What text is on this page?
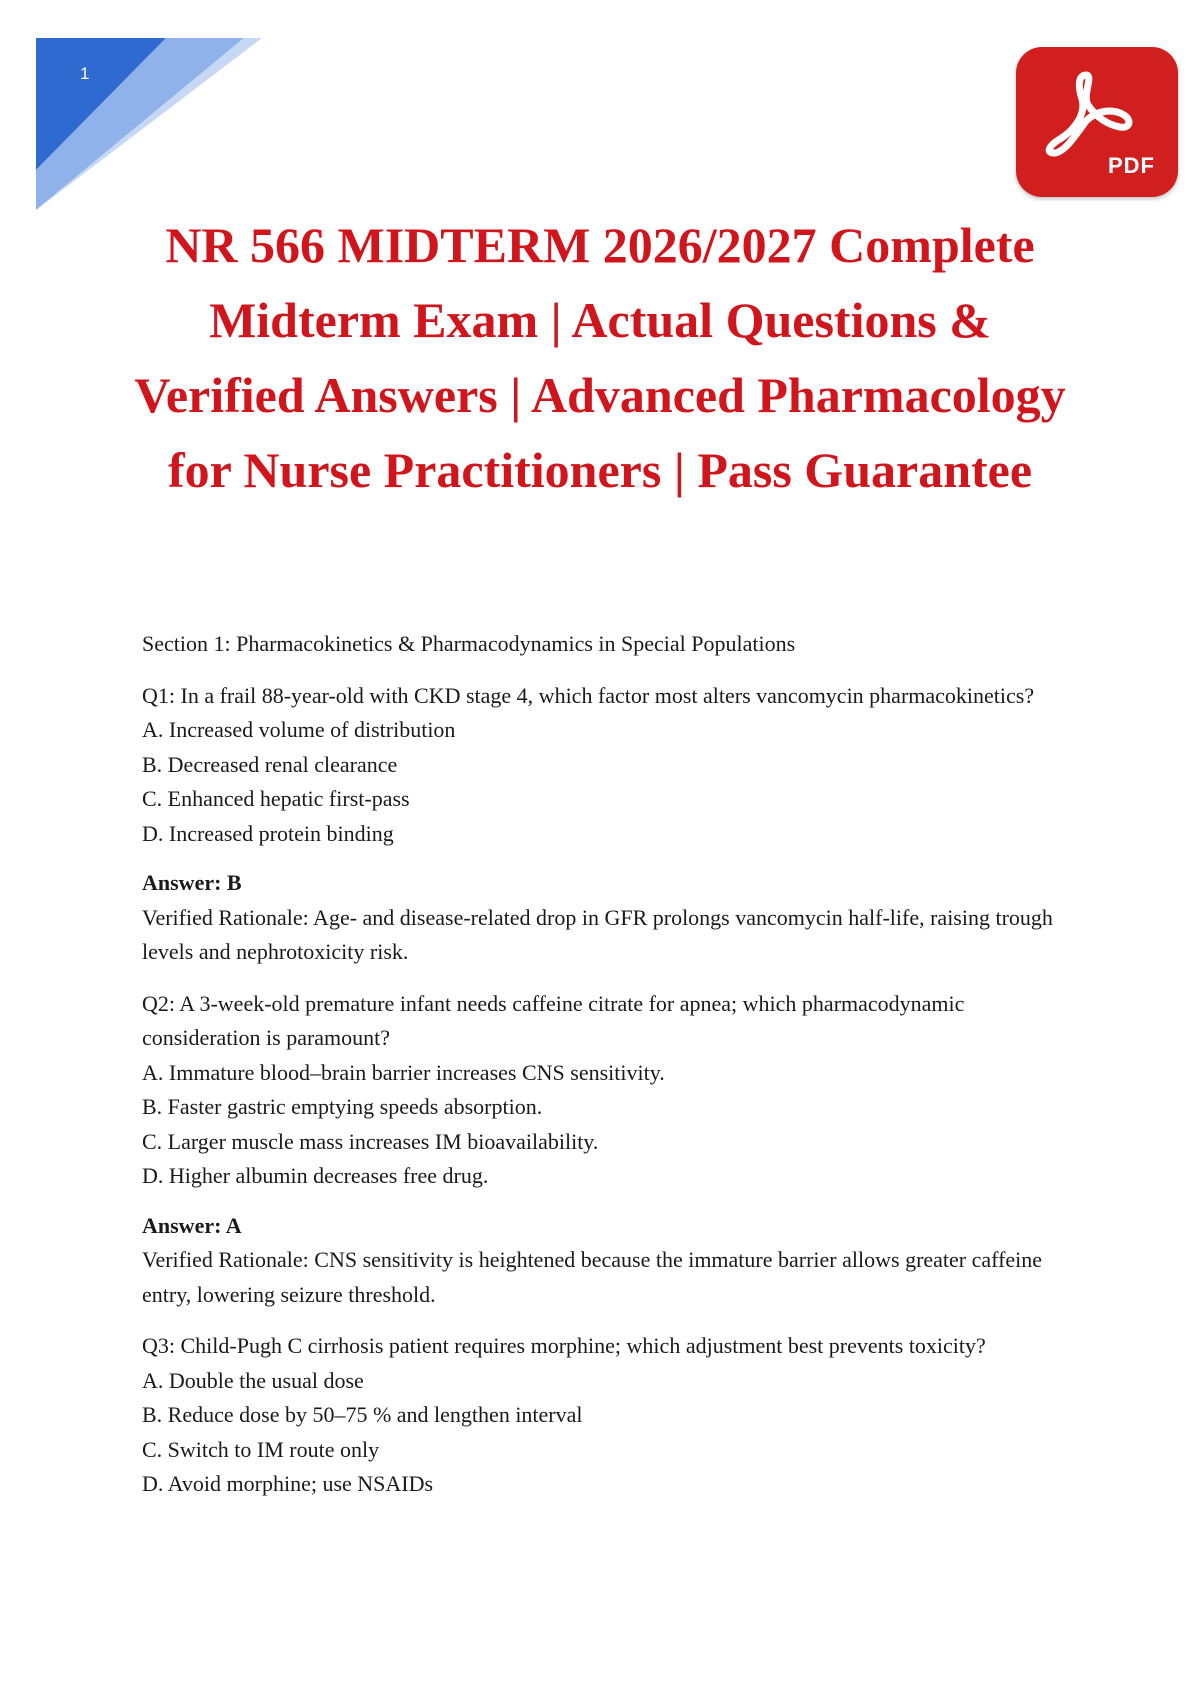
1
PDF
NR 566 MIDTERM 2026/2027 Complete Midterm Exam | Actual Questions & Verified Answers | Advanced Pharmacology for Nurse Practitioners | Pass Guarantee

Section 1: Pharmacokinetics & Pharmacodynamics in Special Populations

Q1: In a frail 88-year-old with CKD stage 4, which factor most alters vancomycin pharmacokinetics?

A. Increased volume of distribution

B. Decreased renal clearance

C. Enhanced hepatic first-pass

D. Increased protein binding

Answer: B

Verified Rationale: Age- and disease-related drop in GFR prolongs vancomycin half-life, raising trough levels and nephrotoxicity risk.

Q2: A 3-week-old premature infant needs caffeine citrate for apnea; which pharmacodynamic consideration is paramount?

A. Immature blood–brain barrier increases CNS sensitivity.

B. Faster gastric emptying speeds absorption.

C. Larger muscle mass increases IM bioavailability.

D. Higher albumin decreases free drug.

Answer: A

Verified Rationale: CNS sensitivity is heightened because the immature barrier allows greater caffeine entry, lowering seizure threshold.

Q3: Child-Pugh C cirrhosis patient requires morphine; which adjustment best prevents toxicity?

A. Double the usual dose

B. Reduce dose by 50–75 % and lengthen interval

C. Switch to IM route only

D. Avoid morphine; use NSAIDs
